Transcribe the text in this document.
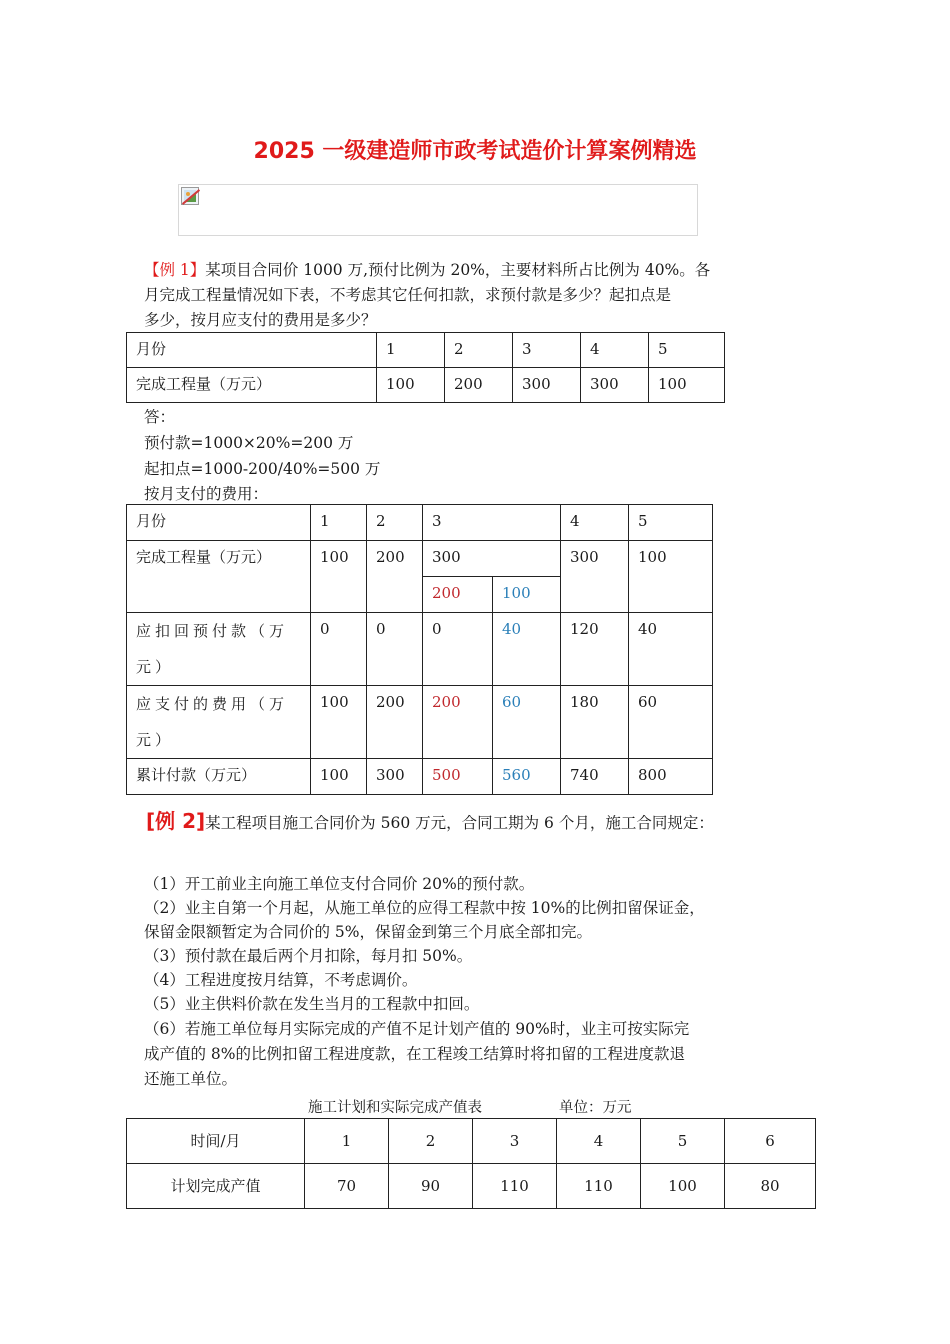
2025 一级建造师市政考试造价计算案例精选
【例 1】某项目合同价 1000 万,预付比例为 20%，主要材料所占比例为 40%。各
月完成工程量情况如下表，不考虑其它任何扣款，求预付款是多少？起扣点是
多少，按月应支付的费用是多少？
月份	1	2	3	4	5
完成工程量（万元）	100	200	300	300	100
答：
预付款=1000×20%=200 万
起扣点=1000-200/40%=500 万
按月支付的费用：
月份	1	2	3		4	5
完成工程量（万元）	100	200	300		300	100
			200	100		
应扣回预付款（万元）	0	0	0	40	120	40
应支付的费用（万元）	100	200	200	60	180	60
累计付款（万元）	100	300	500	560	740	800
[例 2]某工程项目施工合同价为 560 万元，合同工期为 6 个月，施工合同规定：
（1）开工前业主向施工单位支付合同价 20%的预付款。
（2）业主自第一个月起，从施工单位的应得工程款中按 10%的比例扣留保证金，
保留金限额暂定为合同价的 5%，保留金到第三个月底全部扣完。
（3）预付款在最后两个月扣除，每月扣 50%。
（4）工程进度按月结算，不考虑调价。
（5）业主供料价款在发生当月的工程款中扣回。
（6）若施工单位每月实际完成的产值不足计划产值的 90%时，业主可按实际完
成产值的 8%的比例扣留工程进度款，在工程竣工结算时将扣留的工程进度款退
还施工单位。
施工计划和实际完成产值表	单位：万元
时间/月	1	2	3	4	5	6
计划完成产值	70	90	110	110	100	80
